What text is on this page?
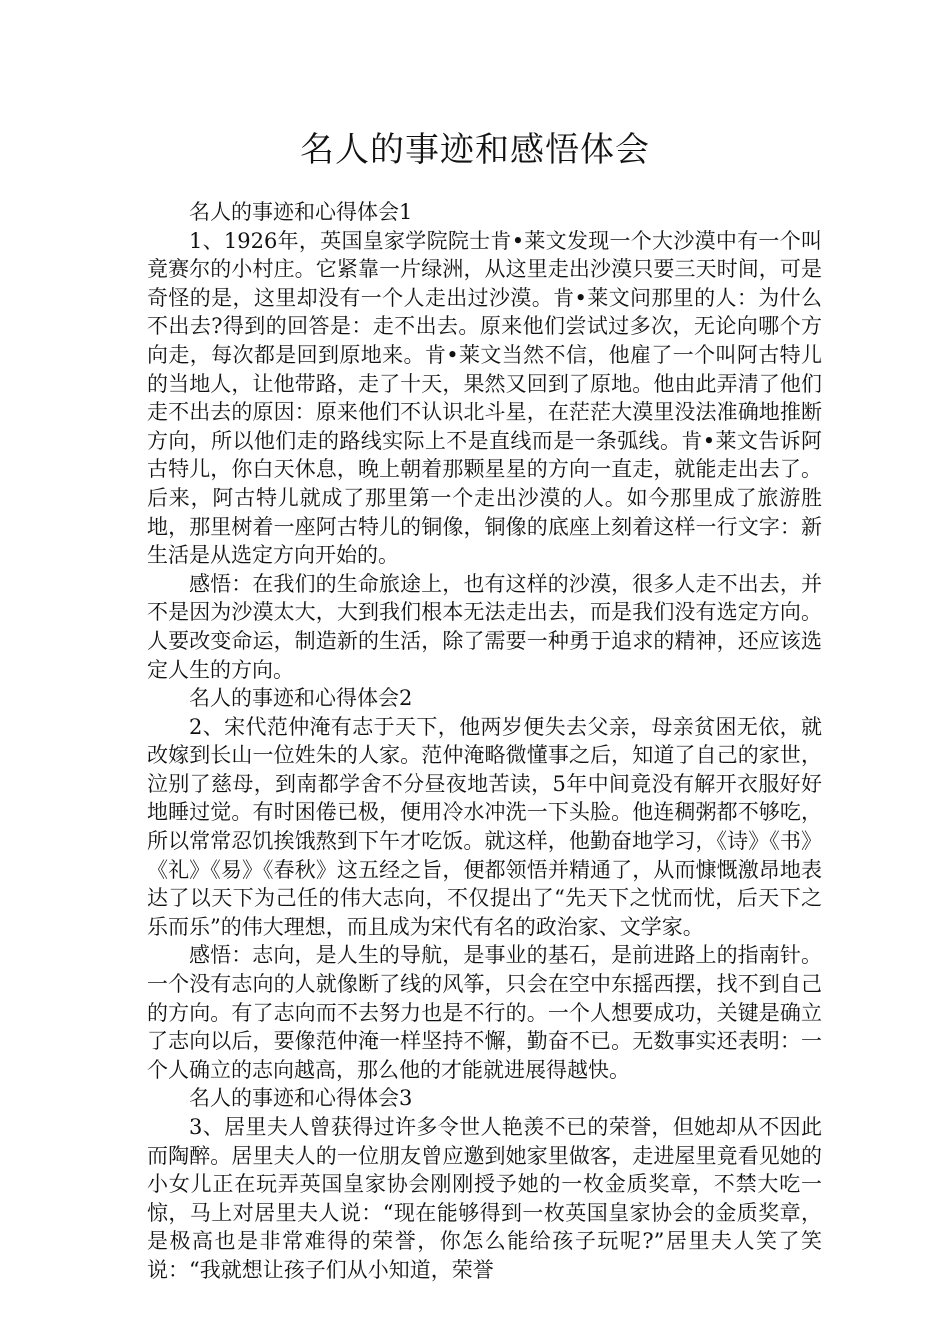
名人的事迹和感悟体会

名人的事迹和心得体会1

1、1926年，英国皇家学院院士肯•莱文发现一个大沙漠中有一个叫竟赛尔的小村庄。它紧靠一片绿洲，从这里走出沙漠只要三天时间，可是奇怪的是，这里却没有一个人走出过沙漠。肯•莱文问那里的人：为什么不出去?得到的回答是：走不出去。原来他们尝试过多次，无论向哪个方向走，每次都是回到原地来。肯•莱文当然不信，他雇了一个叫阿古特儿的当地人，让他带路，走了十天，果然又回到了原地。他由此弄清了他们走不出去的原因：原来他们不认识北斗星，在茫茫大漠里没法准确地推断方向，所以他们走的路线实际上不是直线而是一条弧线。肯•莱文告诉阿古特儿，你白天休息，晚上朝着那颗星星的方向一直走，就能走出去了。后来，阿古特儿就成了那里第一个走出沙漠的人。如今那里成了旅游胜地，那里树着一座阿古特儿的铜像，铜像的底座上刻着这样一行文字：新生活是从选定方向开始的。

感悟：在我们的生命旅途上，也有这样的沙漠，很多人走不出去，并不是因为沙漠太大，大到我们根本无法走出去，而是我们没有选定方向。人要改变命运，制造新的生活，除了需要一种勇于追求的精神，还应该选定人生的方向。

名人的事迹和心得体会2

2、宋代范仲淹有志于天下，他两岁便失去父亲，母亲贫困无依，就改嫁到长山一位姓朱的人家。范仲淹略微懂事之后，知道了自己的家世，泣别了慈母，到南都学舍不分昼夜地苦读，5年中间竟没有解开衣服好好地睡过觉。有时困倦已极，便用冷水冲洗一下头脸。他连稠粥都不够吃，所以常常忍饥挨饿熬到下午才吃饭。就这样，他勤奋地学习，《诗》《书》《礼》《易》《春秋》这五经之旨，便都领悟并精通了，从而慷慨激昂地表达了以天下为己任的伟大志向，不仅提出了“先天下之忧而忧，后天下之乐而乐”的伟大理想，而且成为宋代有名的政治家、文学家。

感悟：志向，是人生的导航，是事业的基石，是前进路上的指南针。一个没有志向的人就像断了线的风筝，只会在空中东摇西摆，找不到自己的方向。有了志向而不去努力也是不行的。一个人想要成功，关键是确立了志向以后，要像范仲淹一样坚持不懈，勤奋不已。无数事实还表明：一个人确立的志向越高，那么他的才能就进展得越快。

名人的事迹和心得体会3

3、居里夫人曾获得过许多令世人艳羡不已的荣誉，但她却从不因此而陶醉。居里夫人的一位朋友曾应邀到她家里做客，走进屋里竟看见她的小女儿正在玩弄英国皇家协会刚刚授予她的一枚金质奖章，不禁大吃一惊，马上对居里夫人说：“现在能够得到一枚英国皇家协会的金质奖章，是极高也是非常难得的荣誉，你怎么能给孩子玩呢?”居里夫人笑了笑说：“我就想让孩子们从小知道，荣誉
